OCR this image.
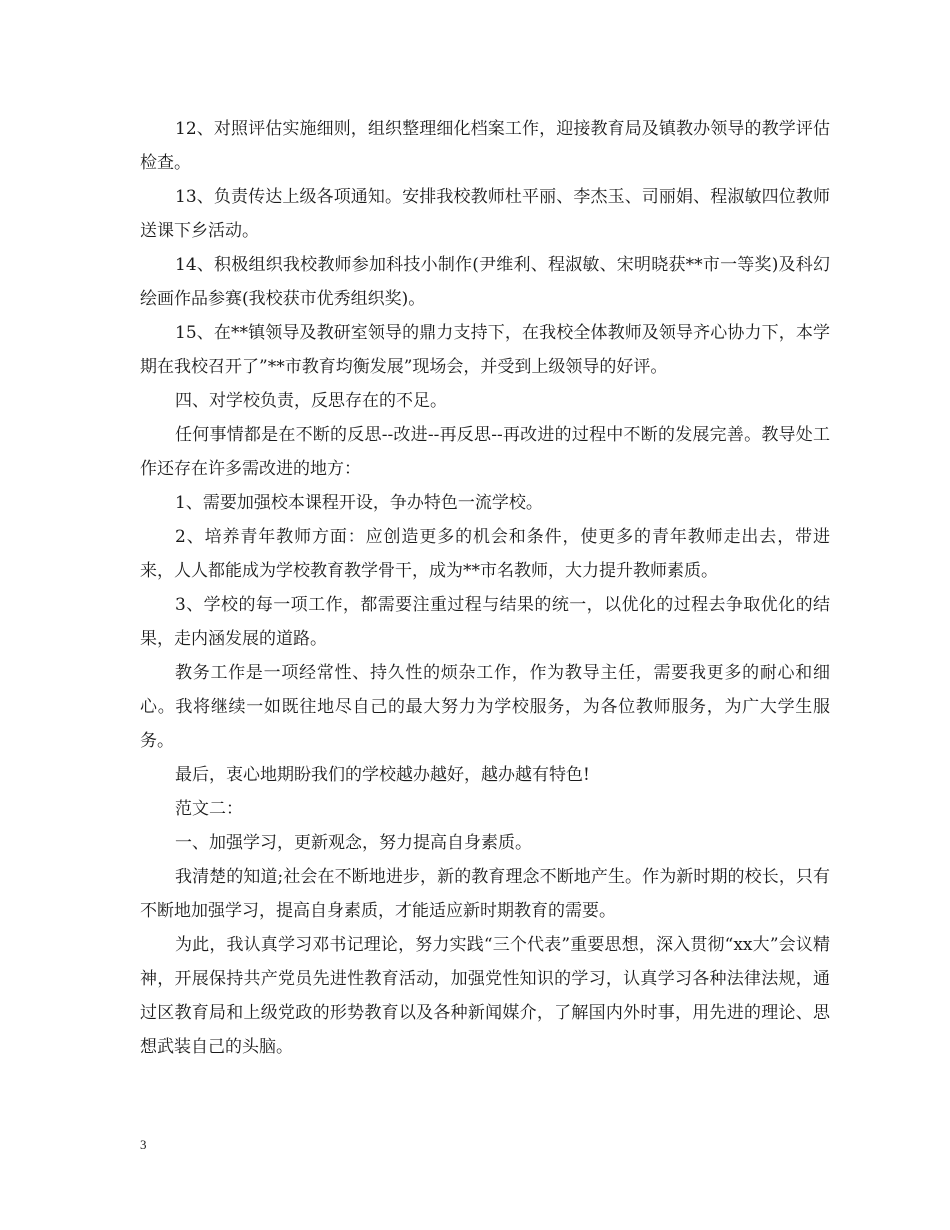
12、对照评估实施细则，组织整理细化档案工作，迎接教育局及镇教办领导的教学评估检查。

13、负责传达上级各项通知。安排我校教师杜平丽、李杰玉、司丽娟、程淑敏四位教师送课下乡活动。

14、积极组织我校教师参加科技小制作(尹维利、程淑敏、宋明晓获**市一等奖)及科幻绘画作品参赛(我校获市优秀组织奖)。

15、在**镇领导及教研室领导的鼎力支持下，在我校全体教师及领导齐心协力下，本学期在我校召开了”**市教育均衡发展”现场会，并受到上级领导的好评。

四、对学校负责，反思存在的不足。

任何事情都是在不断的反思--改进--再反思--再改进的过程中不断的发展完善。教导处工作还存在许多需改进的地方：

1、需要加强校本课程开设，争办特色一流学校。

2、培养青年教师方面：应创造更多的机会和条件，使更多的青年教师走出去，带进来，人人都能成为学校教育教学骨干，成为**市名教师，大力提升教师素质。

3、学校的每一项工作，都需要注重过程与结果的统一，以优化的过程去争取优化的结果，走内涵发展的道路。

教务工作是一项经常性、持久性的烦杂工作，作为教导主任，需要我更多的耐心和细心。我将继续一如既往地尽自己的最大努力为学校服务，为各位教师服务，为广大学生服务。

最后，衷心地期盼我们的学校越办越好，越办越有特色!

范文二：

一、加强学习，更新观念，努力提高自身素质。

我清楚的知道;社会在不断地进步，新的教育理念不断地产生。作为新时期的校长，只有不断地加强学习，提高自身素质，才能适应新时期教育的需要。

为此，我认真学习邓书记理论，努力实践“三个代表”重要思想，深入贯彻“xx大”会议精神，开展保持共产党员先进性教育活动，加强党性知识的学习，认真学习各种法律法规，通过区教育局和上级党政的形势教育以及各种新闻媒介，了解国内外时事，用先进的理论、思想武装自己的头脑。

3
